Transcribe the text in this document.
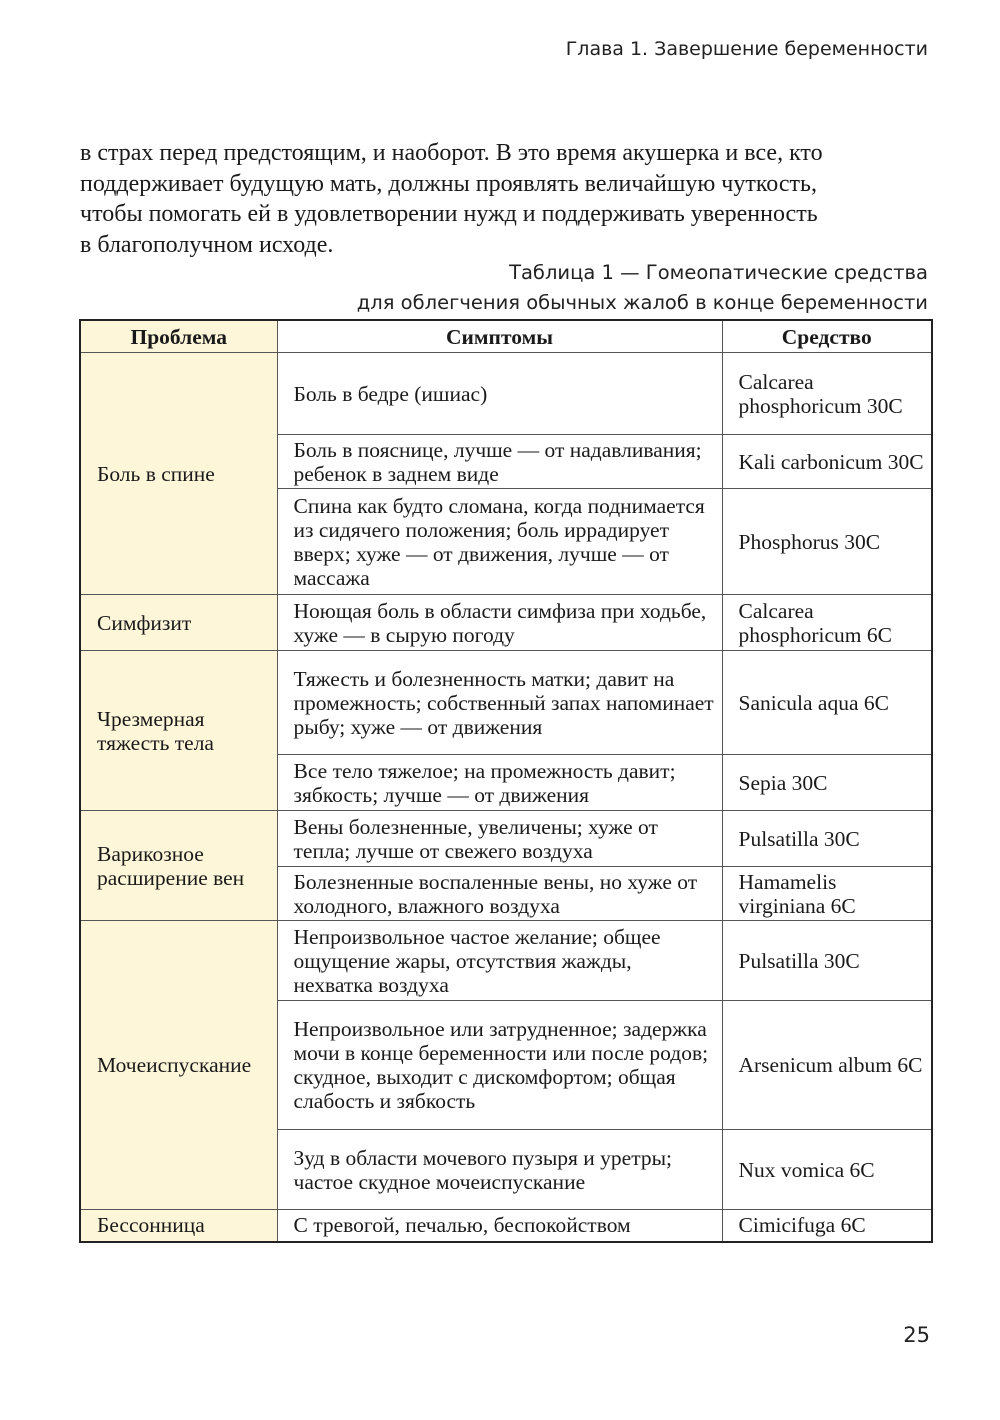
Глава 1. Завершение беременности
в страх перед предстоящим, и наоборот. В это время акушерка и все, кто
поддерживает будущую мать, должны проявлять величайшую чуткость,
чтобы помогать ей в удовлетворении нужд и поддерживать уверенность
в благополучном исходе.
Таблица 1 — Гомеопатические средства
для облегчения обычных жалоб в конце беременности
Проблема	Симптомы	Средство
Боль в спине	Боль в бедре (ишиас)	Calcarea phosphoricum 30C
	Боль в пояснице, лучше — от надавливания; ребенок в заднем виде	Kali carbonicum 30C
	Спина как будто сломана, когда поднимается из сидячего положения; боль иррадирует вверх; хуже — от движения, лучше — от массажа	Phosphorus 30C
Симфизит	Ноющая боль в области симфиза при ходьбе, хуже — в сырую погоду	Calcarea phosphoricum 6C
Чрезмерная тяжесть тела	Тяжесть и болезненность матки; давит на промежность; собственный запах напоминает рыбу; хуже — от движения	Sanicula aqua 6C
	Все тело тяжелое; на промежность давит; зябкость; лучше — от движения	Sepia 30C
Варикозное расширение вен	Вены болезненные, увеличены; хуже от тепла; лучше от свежего воздуха	Pulsatilla 30C
	Болезненные воспаленные вены, но хуже от холодного, влажного воздуха	Hamamelis virginiana 6C
Мочеиспускание	Непроизвольное частое желание; общее ощущение жары, отсутствия жажды, нехватка воздуха	Pulsatilla 30C
	Непроизвольное или затрудненное; задержка мочи в конце беременности или после родов; скудное, выходит с дискомфортом; общая слабость и зябкость	Arsenicum album 6C
	Зуд в области мочевого пузыря и уретры; частое скудное мочеиспускание	Nux vomica 6C
Бессонница	С тревогой, печалью, беспокойством	Cimicifuga 6C
25
